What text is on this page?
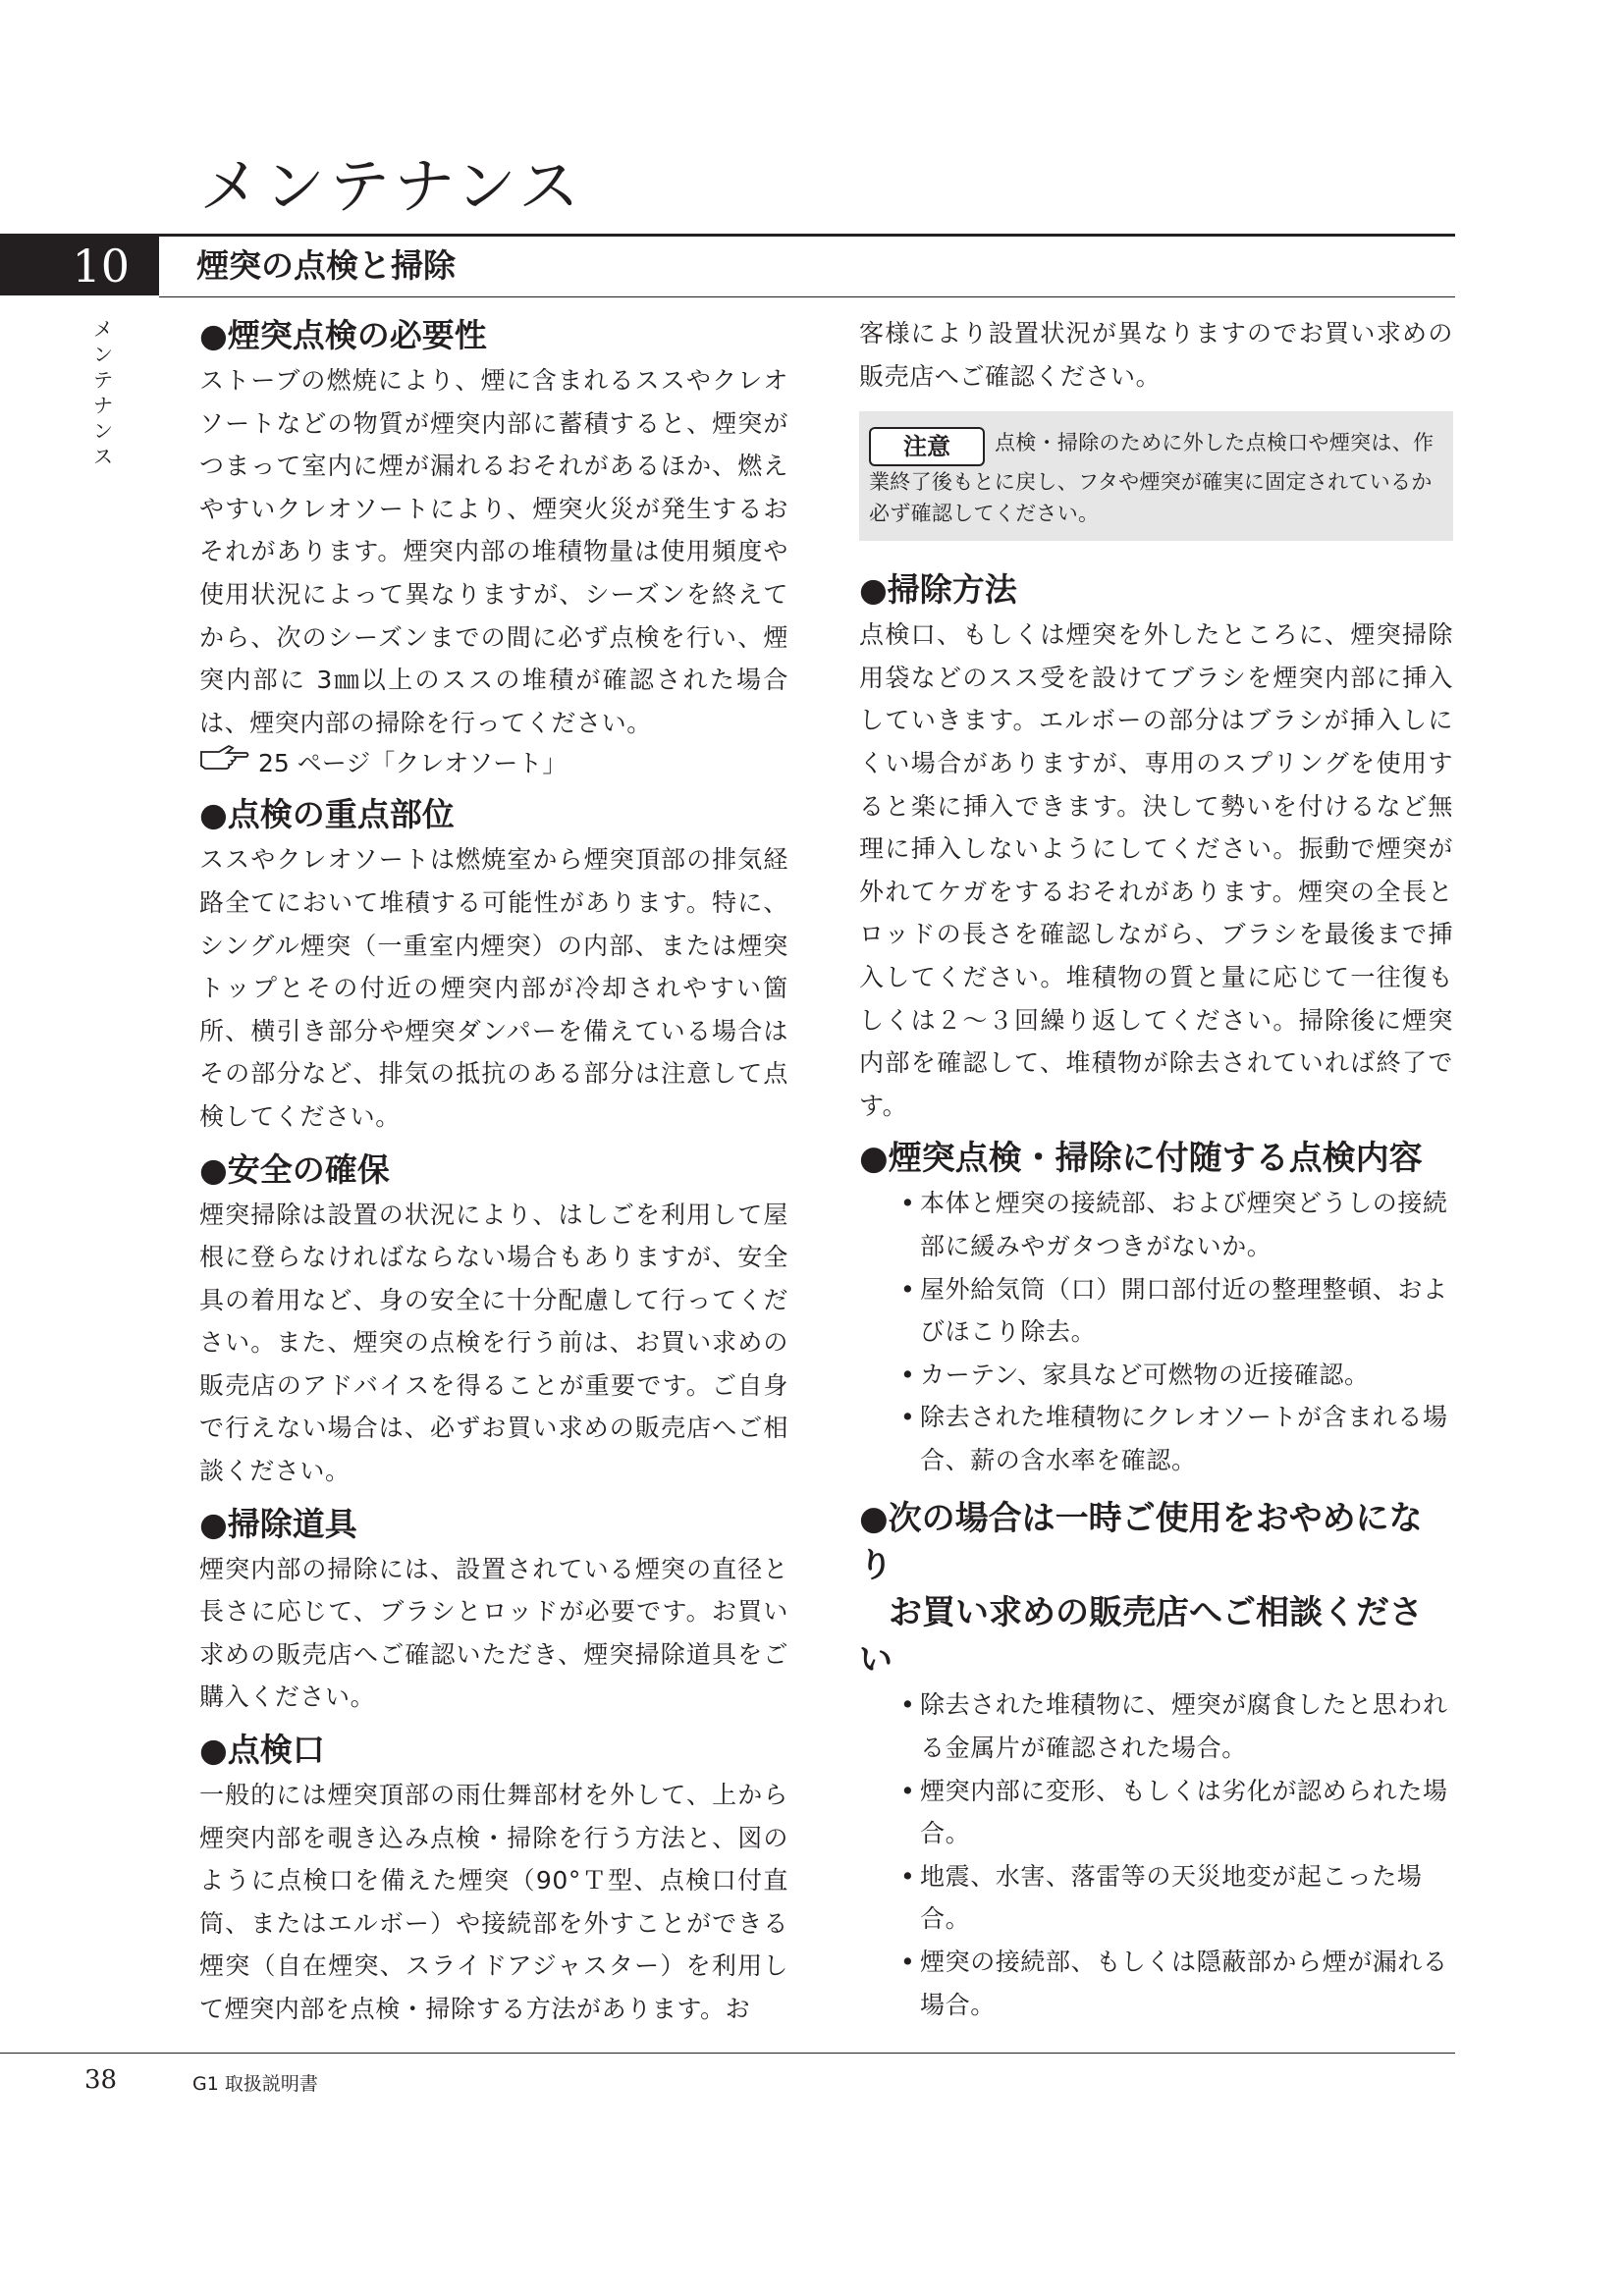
メンテナンス
10	煙突の点検と掃除
メ
ン
テ
ナ
ン
ス
●煙突点検の必要性

ストーブの燃焼により、煙に含まれるススやクレオソートなどの物質が煙突内部に蓄積すると、煙突がつまって室内に煙が漏れるおそれがあるほか、燃えやすいクレオソートにより、煙突火災が発生するおそれがあります。煙突内部の堆積物量は使用頻度や使用状況によって異なりますが、シーズンを終えてから、次のシーズンまでの間に必ず点検を行い、煙突内部に 3㎜以上のススの堆積が確認された場合は、煙突内部の掃除を行ってください。

25 ページ「クレオソート」

●点検の重点部位

ススやクレオソートは燃焼室から煙突頂部の排気経路全てにおいて堆積する可能性があります。特に、シングル煙突（一重室内煙突）の内部、または煙突トップとその付近の煙突内部が冷却されやすい箇所、横引き部分や煙突ダンパーを備えている場合はその部分など、排気の抵抗のある部分は注意して点検してください。

●安全の確保

煙突掃除は設置の状況により、はしごを利用して屋根に登らなければならない場合もありますが、安全具の着用など、身の安全に十分配慮して行ってください。また、煙突の点検を行う前は、お買い求めの販売店のアドバイスを得ることが重要です。ご自身で行えない場合は、必ずお買い求めの販売店へご相談ください。

●掃除道具

煙突内部の掃除には、設置されている煙突の直径と長さに応じて、ブラシとロッドが必要です。お買い求めの販売店へご確認いただき、煙突掃除道具をご購入ください。

●点検口

一般的には煙突頂部の雨仕舞部材を外して、上から煙突内部を覗き込み点検・掃除を行う方法と、図のように点検口を備えた煙突（90°Ｔ型、点検口付直筒、またはエルボー）や接続部を外すことができる煙突（自在煙突、スライドアジャスター）を利用して煙突内部を点検・掃除する方法があります。お

客様により設置状況が異なりますのでお買い求めの販売店へご確認ください。

注意 点検・掃除のために外した点検口や煙突は、作業終了後もとに戻し、フタや煙突が確実に固定されているか必ず確認してください。
●掃除方法

点検口、もしくは煙突を外したところに、煙突掃除用袋などのスス受を設けてブラシを煙突内部に挿入していきます。エルボーの部分はブラシが挿入しにくい場合がありますが、専用のスプリングを使用すると楽に挿入できます。決して勢いを付けるなど無理に挿入しないようにしてください。振動で煙突が外れてケガをするおそれがあります。煙突の全長とロッドの長さを確認しながら、ブラシを最後まで挿入してください。堆積物の質と量に応じて一往復もしくは２～３回繰り返してください。掃除後に煙突内部を確認して、堆積物が除去されていれば終了です。

●煙突点検・掃除に付随する点検内容
• 本体と煙突の接続部、および煙突どうしの接続部に緩みやガタつきがないか。
• 屋外給気筒（口）開口部付近の整理整頓、およびほこり除去。
• カーテン、家具など可燃物の近接確認。
• 除去された堆積物にクレオソートが含まれる場合、薪の含水率を確認。
●次の場合は一時ご使用をおやめになり
お買い求めの販売店へご相談ください
• 除去された堆積物に、煙突が腐食したと思われる金属片が確認された場合。
• 煙突内部に変形、もしくは劣化が認められた場合。
• 地震、水害、落雷等の天災地変が起こった場合。
• 煙突の接続部、もしくは隠蔽部から煙が漏れる場合。
38	G1 取扱説明書
